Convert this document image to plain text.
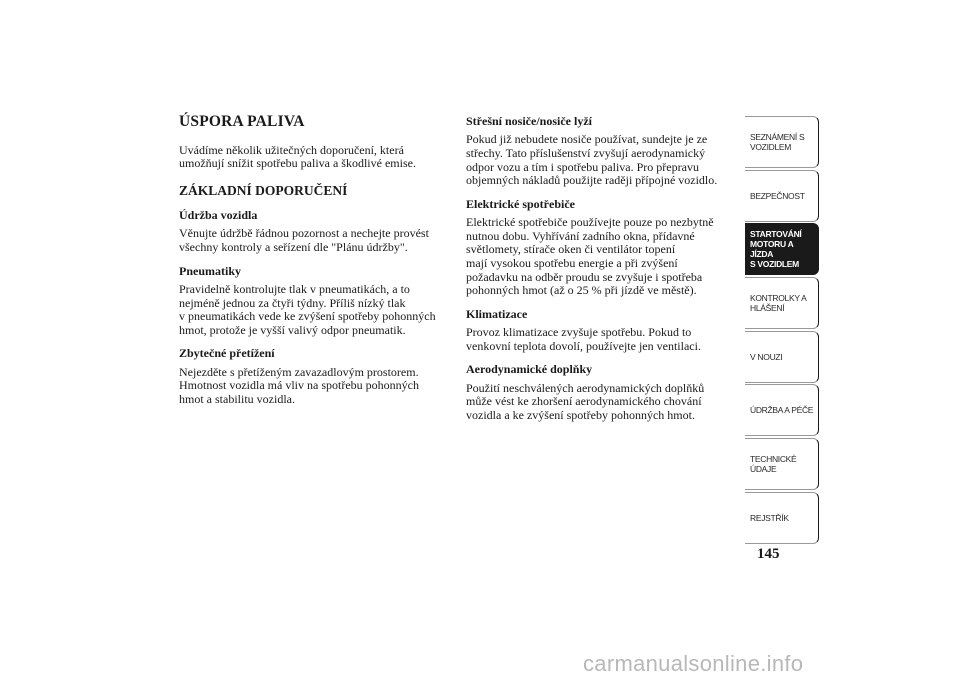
ÚSPORA PALIVA

Uvádíme několik užitečných doporučení, která
umožňují snížit spotřebu paliva a škodlivé emise.

ZÁKLADNÍ DOPORUČENÍ
Údržba vozidla

Věnujte údržbě řádnou pozornost a nechejte provést
všechny kontroly a seřízení dle "Plánu údržby".

Pneumatiky

Pravidelně kontrolujte tlak v pneumatikách, a to
nejméně jednou za čtyři týdny. Příliš nízký tlak
v pneumatikách vede ke zvýšení spotřeby pohonných
hmot, protože je vyšší valivý odpor pneumatik.

Zbytečné přetížení

Nejezděte s přetíženým zavazadlovým prostorem.
Hmotnost vozidla má vliv na spotřebu pohonných
hmot a stabilitu vozidla.

Střešní nosiče/nosiče lyží

Pokud již nebudete nosiče používat, sundejte je ze
střechy. Tato příslušenství zvyšují aerodynamický
odpor vozu a tím i spotřebu paliva. Pro přepravu
objemných nákladů použijte raději přípojné vozidlo.

Elektrické spotřebiče

Elektrické spotřebiče používejte pouze po nezbytně
nutnou dobu. Vyhřívání zadního okna, přídavné
světlomety, stírače oken či ventilátor topení
mají vysokou spotřebu energie a při zvýšení
požadavku na odběr proudu se zvyšuje i spotřeba
pohonných hmot (až o 25 % při jízdě ve městě).

Klimatizace

Provoz klimatizace zvyšuje spotřebu. Pokud to
venkovní teplota dovolí, používejte jen ventilaci.

Aerodynamické doplňky

Použití neschválených aerodynamických doplňků
může vést ke zhoršení aerodynamického chování
vozidla a ke zvýšení spotřeby pohonných hmot.

SEZNÁMENÍ S
VOZIDLEM
BEZPEČNOST
STARTOVÁNÍ
MOTORU A JÍZDA
S VOZIDLEM
KONTROLKY A
HLÁŠENÍ
V NOUZI
ÚDRŽBA A PÉČE
TECHNICKÉ
ÚDAJE
REJSTŘÍK
145
carmanualsonline.info
